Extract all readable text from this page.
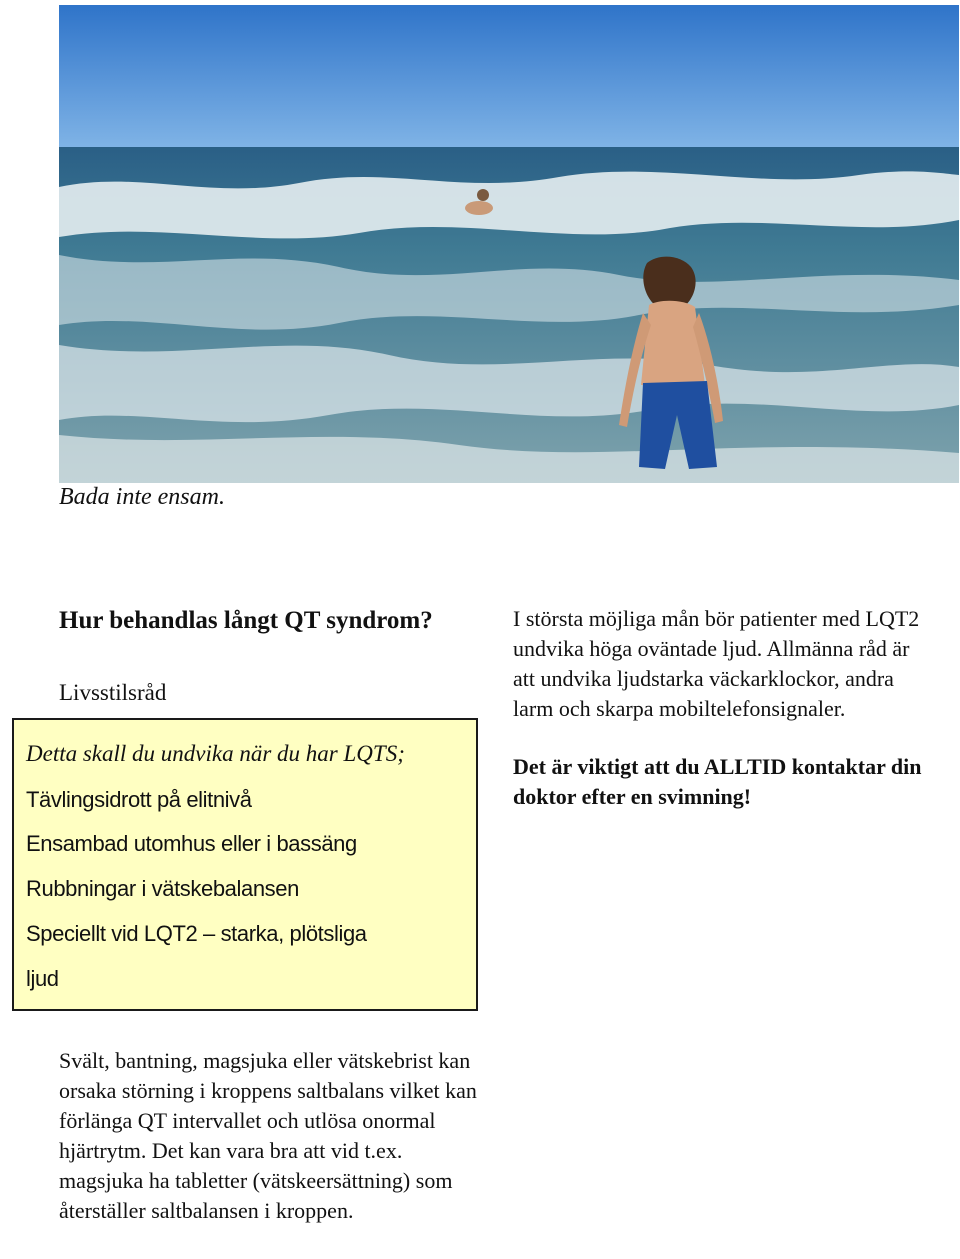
Bada inte ensam.
Hur behandlas långt QT syndrom?
Livsstilsråd
Detta skall du undvika när du har LQTS;
Tävlingsidrott på elitnivå
Ensambad utomhus eller i bassäng
Rubbningar i vätskebalansen
Speciellt vid LQT2 – starka, plötsliga
ljud

I största möjliga mån bör patienter med LQT2 undvika höga oväntade ljud. Allmänna råd är att undvika ljudstarka väckarklockor, andra larm och skarpa mobiltelefonsignaler.

Det är viktigt att du ALLTID kontaktar din doktor efter en svimning!

Svält, bantning, magsjuka eller vätskebrist kan orsaka störning i kroppens saltbalans vilket kan förlänga QT intervallet och utlösa onormal hjärtrytm. Det kan vara bra att vid t.ex. magsjuka ha tabletter (vätskeersättning) som återställer saltbalansen i kroppen.
